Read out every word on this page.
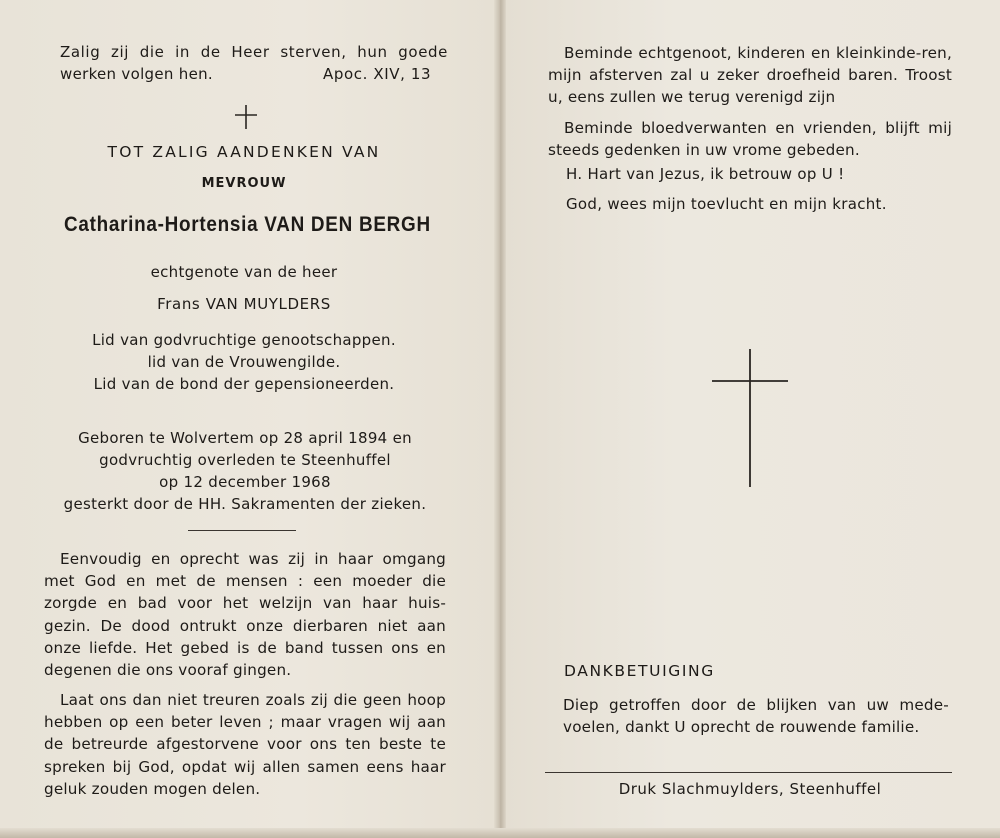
Zalig zij die in de Heer sterven, hun goede
werken volgen hen.	Apoc. XIV, 13
TOT ZALIG AANDENKEN VAN
MEVROUW
Catharina-Hortensia VAN DEN BERGH
echtgenote van de heer
Frans VAN MUYLDERS
Lid van godvruchtige genootschappen.
lid van de Vrouwengilde.
Lid van de bond der gepensioneerden.
Geboren te Wolvertem op 28 april 1894 en
godvruchtig overleden te Steenhuffel
op 12 december 1968
gesterkt door de HH. Sakramenten der zieken.
Eenvoudig en oprecht was zij in haar omgang met God en met de mensen : een moeder die zorgde en bad voor het welzijn van haar huis-gezin. De dood ontrukt onze dierbaren niet aan onze liefde. Het gebed is de band tussen ons en degenen die ons vooraf gingen.
Laat ons dan niet treuren zoals zij die geen hoop hebben op een beter leven ; maar vragen wij aan de betreurde afgestorvene voor ons ten beste te spreken bij God, opdat wij allen samen eens haar geluk zouden mogen delen.
Beminde echtgenoot, kinderen en kleinkinde-ren, mijn afsterven zal u zeker droefheid baren. Troost u, eens zullen we terug verenigd zijn
Beminde bloedverwanten en vrienden, blijft mij steeds gedenken in uw vrome gebeden.
H. Hart van Jezus, ik betrouw op U !
God, wees mijn toevlucht en mijn kracht.
DANKBETUIGING
Diep getroffen door de blijken van uw mede-voelen, dankt U oprecht de rouwende familie.
Druk Slachmuylders, Steenhuffel
